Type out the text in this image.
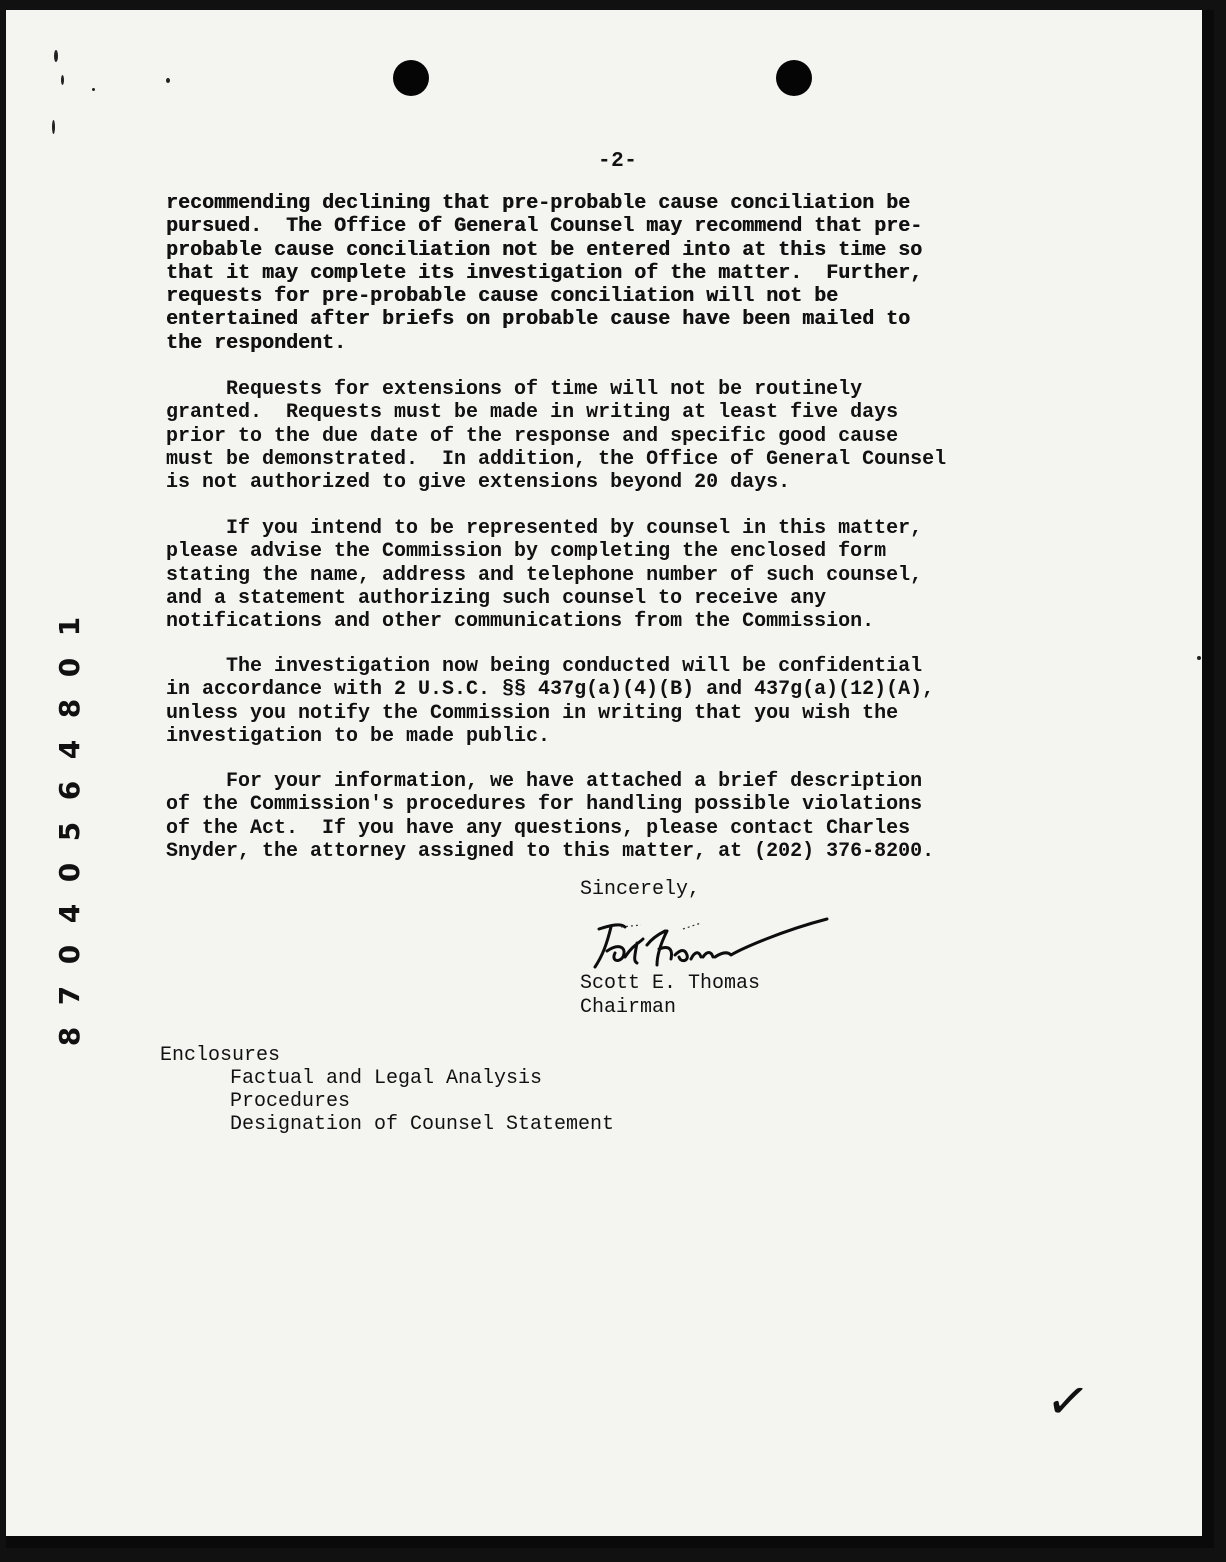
-2-
recommending declining that pre-probable cause conciliation be
pursued.  The Office of General Counsel may recommend that pre-
probable cause conciliation not be entered into at this time so
that it may complete its investigation of the matter.  Further,
requests for pre-probable cause conciliation will not be
entertained after briefs on probable cause have been mailed to
the respondent.
Requests for extensions of time will not be routinely
granted.  Requests must be made in writing at least five days
prior to the due date of the response and specific good cause
must be demonstrated.  In addition, the Office of General Counsel
is not authorized to give extensions beyond 20 days.
If you intend to be represented by counsel in this matter,
please advise the Commission by completing the enclosed form
stating the name, address and telephone number of such counsel,
and a statement authorizing such counsel to receive any
notifications and other communications from the Commission.
The investigation now being conducted will be confidential
in accordance with 2 U.S.C. §§ 437g(a)(4)(B) and 437g(a)(12)(A),
unless you notify the Commission in writing that you wish the
investigation to be made public.
For your information, we have attached a brief description
of the Commission's procedures for handling possible violations
of the Act.  If you have any questions, please contact Charles
Snyder, the attorney assigned to this matter, at (202) 376-8200.
Sincerely,
Scott E. Thomas
Chairman
Enclosures
Factual and Legal Analysis
Procedures
Designation of Counsel Statement
1
0
8
4
6
5
0
4
0
7
8
✓
